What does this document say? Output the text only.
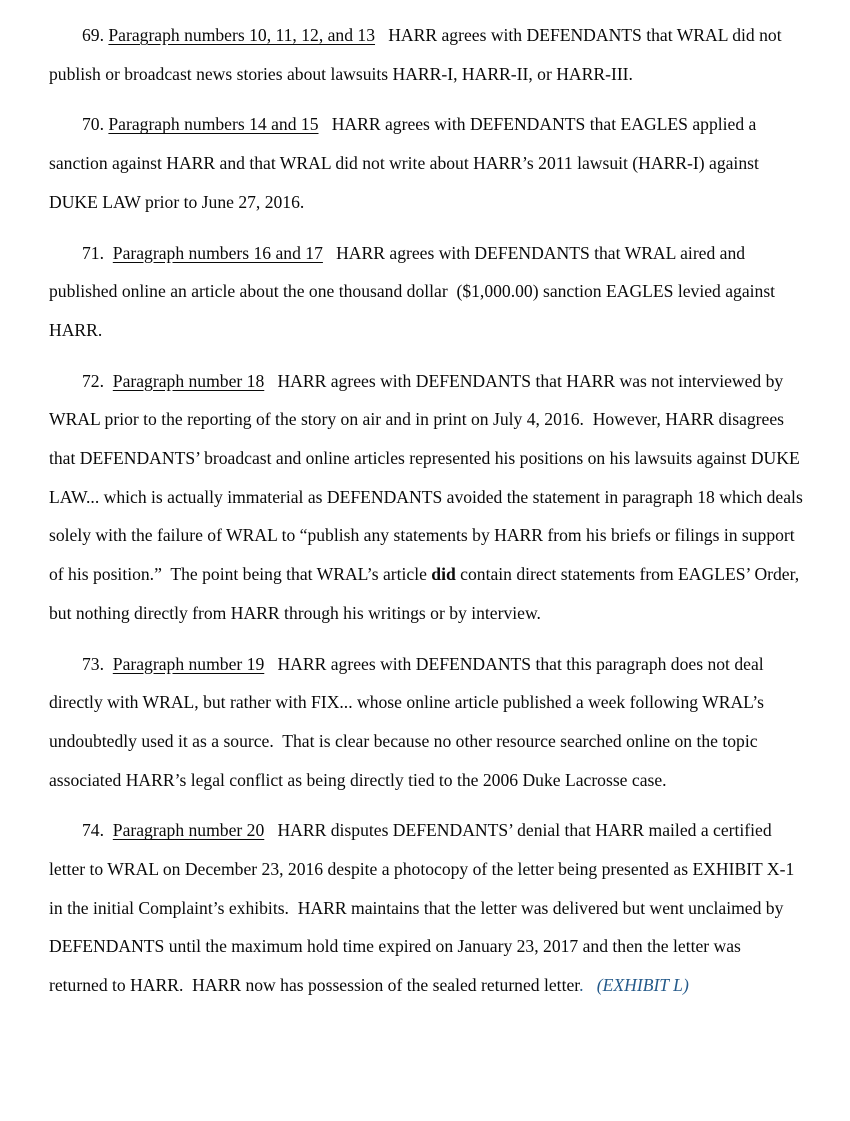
69. Paragraph numbers 10, 11, 12, and 13   HARR agrees with DEFENDANTS that WRAL did not publish or broadcast news stories about lawsuits HARR-I, HARR-II, or HARR-III.

70. Paragraph numbers 14 and 15   HARR agrees with DEFENDANTS that EAGLES applied a sanction against HARR and that WRAL did not write about HARR’s 2011 lawsuit (HARR-I) against DUKE LAW prior to June 27, 2016.

71.  Paragraph numbers 16 and 17   HARR agrees with DEFENDANTS that WRAL aired and published online an article about the one thousand dollar  ($1,000.00) sanction EAGLES levied against HARR.

72.  Paragraph number 18   HARR agrees with DEFENDANTS that HARR was not interviewed by WRAL prior to the reporting of the story on air and in print on July 4, 2016.  However, HARR disagrees that DEFENDANTS’ broadcast and online articles represented his positions on his lawsuits against DUKE LAW... which is actually immaterial as DEFENDANTS avoided the statement in paragraph 18 which deals solely with the failure of WRAL to “publish any statements by HARR from his briefs or filings in support of his position.”  The point being that WRAL’s article did contain direct statements from EAGLES’ Order, but nothing directly from HARR through his writings or by interview.

73.  Paragraph number 19   HARR agrees with DEFENDANTS that this paragraph does not deal directly with WRAL, but rather with FIX... whose online article published a week following WRAL’s undoubtedly used it as a source.  That is clear because no other resource searched online on the topic associated HARR’s legal conflict as being directly tied to the 2006 Duke Lacrosse case.

74.  Paragraph number 20   HARR disputes DEFENDANTS’ denial that HARR mailed a certified letter to WRAL on December 23, 2016 despite a photocopy of the letter being presented as EXHIBIT X-1 in the initial Complaint’s exhibits.  HARR maintains that the letter was delivered but went unclaimed by DEFENDANTS until the maximum hold time expired on January 23, 2017 and then the letter was returned to HARR.  HARR now has possession of the sealed returned letter. (EXHIBIT L)
